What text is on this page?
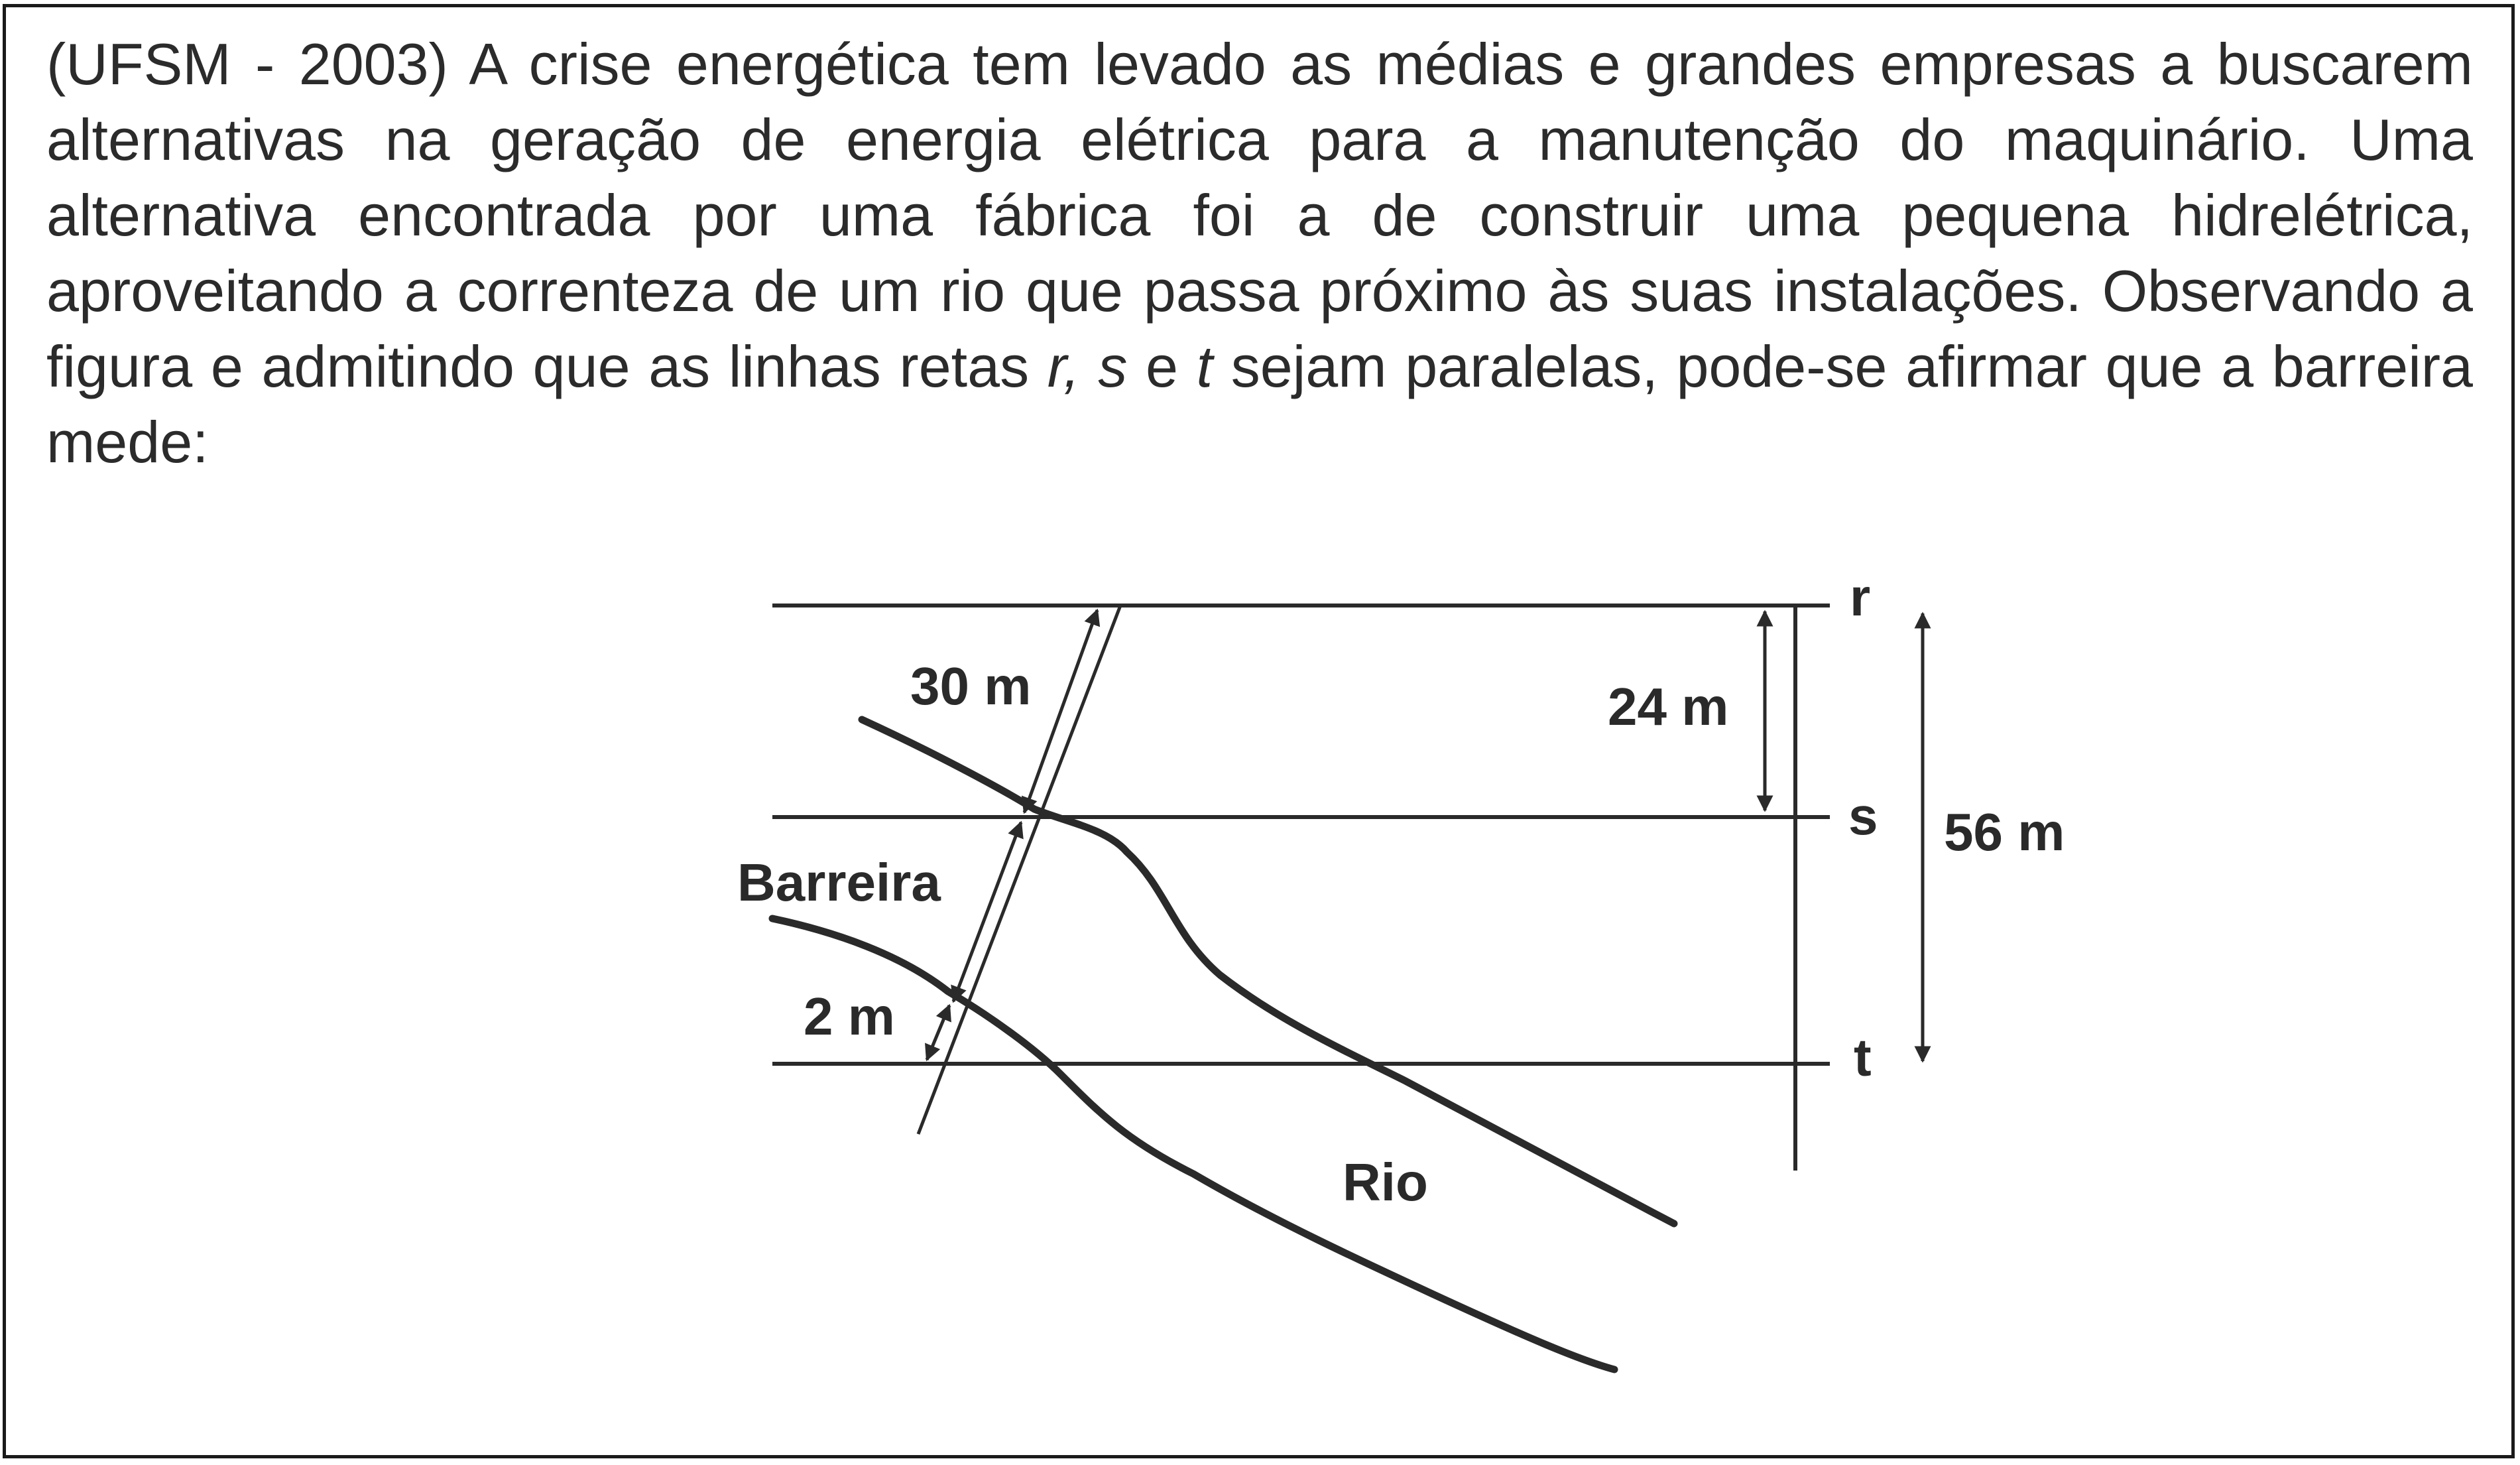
(UFSM - 2003) A crise energética tem levado as médias e grandes empresas a buscarem alternativas na geração de energia elétrica para a manutenção do maquinário. Uma alternativa encontrada por uma fábrica foi a de construir uma pequena hidrelétrica, aproveitando a correnteza de um rio que passa próximo às suas instalações. Observando a figura e admitindo que as linhas retas r, s e t sejam paralelas, pode-se afirmar que a barreira mede:
r
s
t
30 m	24 m
56 m
Barreira
2 m
Rio
